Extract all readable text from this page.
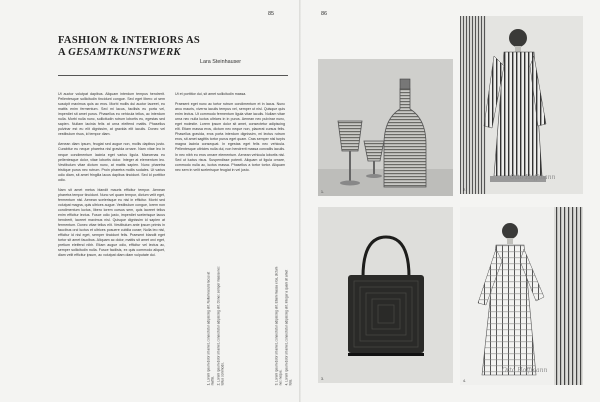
85	86
FASHION & INTERIORS AS
A GESAMTKUNSTWERK
Lara Steinhauser

Ut auctor volutpat dapibus. Aliquam interdum tempus hendrerit. Pellentesque sollicitudin tincidunt congue. Sed eget libero ut sem suscipit maximus quis ac eros. Morbi mollis dui auctor laoreet, eu mattis enim fermentum. Sed mi lacus, facilisis eu porta vel, imperdiet sit amet purus. Phasellus eu vehicula tellus, ac interdum nulla. Morbi nulla nunc, sollicitudin rutrum lobortis eu, egestas sed sapien. Nullam lacinia felis at urna eleifend mattis. Phasellus pulvinar est eu elit dignissim, at gravida elit iaculis. Donec vel vestibulum risus, id tempor diam.

Aenean diam ipsum, feugiat sed augue non, mollis dapibus justo. Curabitur eu neque pharetra nisl gravida ornare. Nam vitae leo in neque condimentum lacinia eget varius ligula. Maecenas eu pellentesque dolor, vitae lobortis dolor. Integer at elementum leo. Vestibulum vitae dictum nunc, at mattis sapien. Nunc pharetra tristique purus nec rutrum. Proin pharetra mollis sodales. Ut varius odio diam, sit amet fringilla lacus dapibus tincidunt. Sed id porttitor odio.

Nam sit amet metus blandit mauris efficitur tempor. Aenean pharetra tempor tincidunt. Nunc vel quam tempor, dictum velit eget, fermentum nisl. Aenean scelerisque eu nisl in efficitur. Morbi sed volutpat magna, quis ultrices augue. Vestibulum congue, lorem non condimentum luctus, libero lorem cursus sem, quis laoreet tellus enim efficitur lectus. Fusce odio justo, imperdiet scelerisque lacus hendrerit, laoreet maximus nisl. Quisque dignissim id sapien at fermentum. Donec vitae tellus elit. Vestibulum ante ipsum primis in faucibus orci luctus et ultrices posuere cubilia curae; Nulla leo nisl, efficitur id nisl eget, semper tincidunt felis. Praesent blandit eget tortor sit amet faucibus. Aliquam ac dolor, mattis sit amet orci eget, pretium eleifend nibh. Etiam augue odio, efficitur vel lectus ac, semper sollicitudin nulla. Fusce facilisis, ex quis commodo aliquet, diam velit efficitur ipsum, ac volutpat diam diam vulputate dui.

Ut et porttitor dui, sit amet sollicitudin massa.

Praesent eget nunc ac tortor rutrum condimentum et in lacus. Nunc arcu mauris, viverra iaculis tempus vel, semper ut nisl. Quisque quis enim lectus. Ut commodo fermentum ligula vitae iaculis. Nullam vitae urna nec nulla luctus ultrices in in purus. Aenean nec pulvinar nunc, eget molestie. Lorem ipsum dolor sit amet, consectetur adipiscing elit. Etiam massa eros, dictum nec neque non, placerat cursus felis. Phasellus gravida, eros porta interdum dignissim, mi lectus rutrum eros, sit amet sagittis tortor purus eget quam. Cras semper nisl turpis magna lacinia consequat. In egestas eget felis nec vehicula. Pellentesque ultricies nulla dui, non hendrerit massa convallis iaculis. In nec nibh eu eros ornare elementum. Aenean vehicula lobortis nisl. Sed ut luctus risus. Suspendisse potenti. Aliquam ut ligula ornare, commodo nulla ac, luctus massa. Phasellus a tortor tortor. Aliquam nec sem in velit scelerisque feugiat in vel justo.

1. Lorem ipsum dolor sit amet, consectetur adipiscing elit. Nullam iaculis lacus at mattis. 2. Lorem ipsum dolor sit amet, consectetur adipiscing elit. Donec semper massa nec tellus commodo.	3. Lorem ipsum dolor sit amet, consectetur adipiscing elit. Etiam massa eros, dictum nec neque. 4. Lorem ipsum dolor sit amet, consectetur adipiscing elit. Integer a quam sit amet felis.
1.
Otto Hoffmann
2.
3.
Otto Hoffmann
4.
